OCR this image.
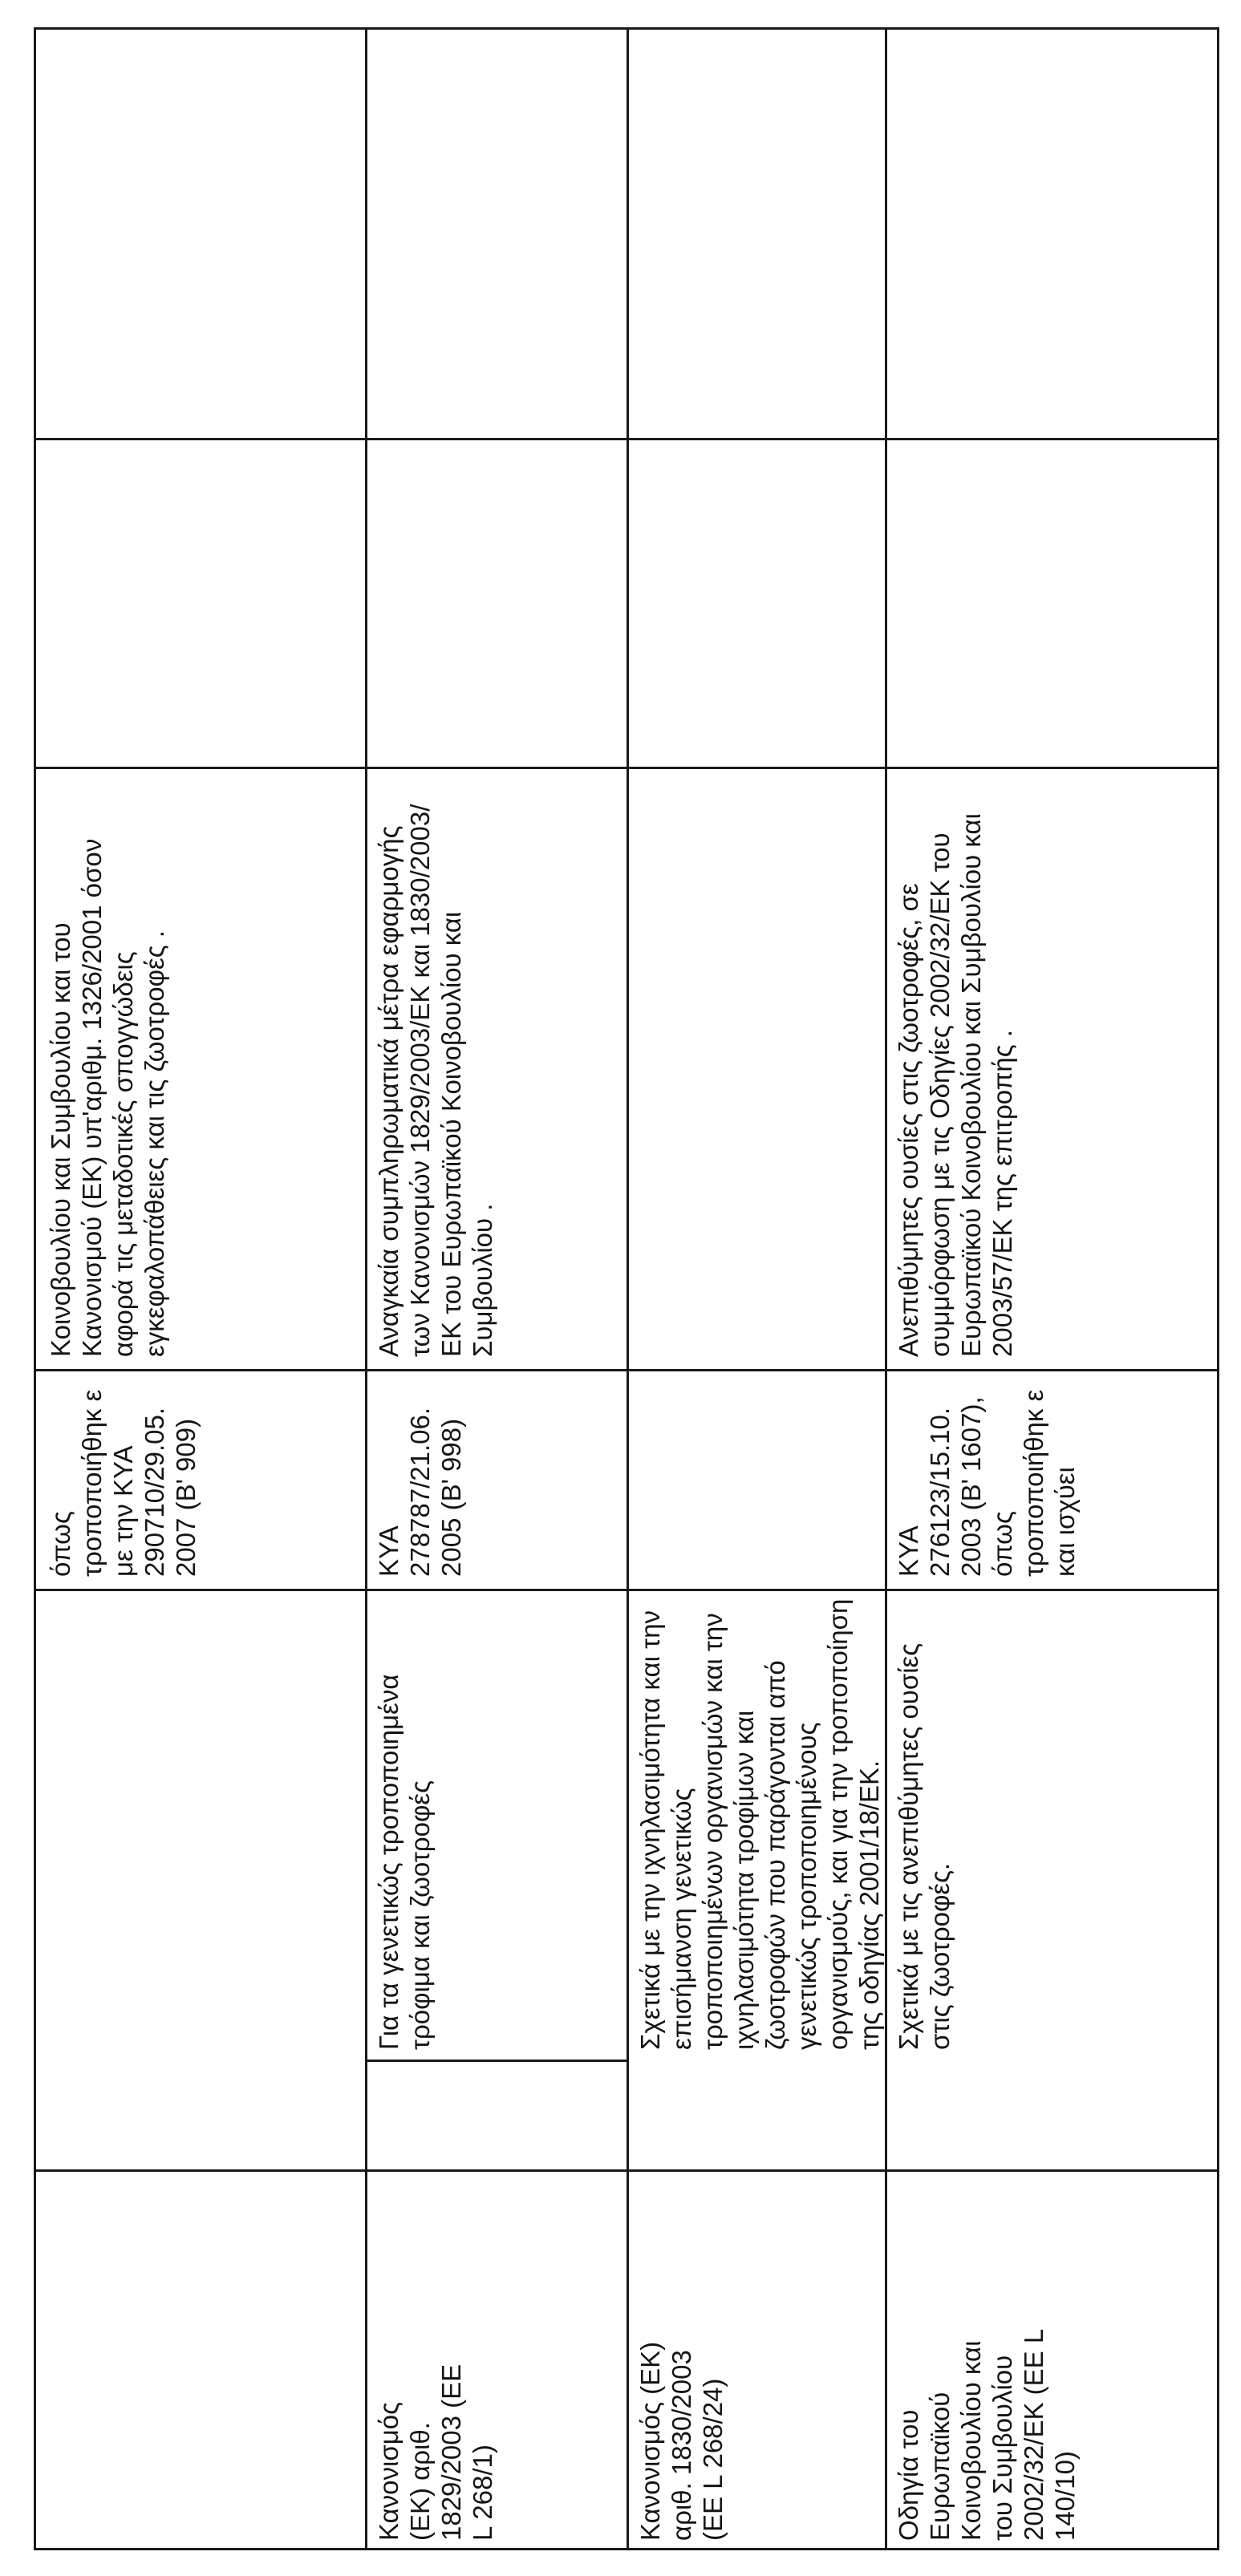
όπως τροποποιήθηκ ε με την ΚΥΑ 290710/29.05. 2007 (Β' 909)

Κοινοβουλίου και Συμβουλίου και του Κανονισμού (ΕΚ) υπ'αριθμ. 1326/2001 όσον αφορά τις μεταδοτικές σπογγώδεις εγκεφαλοπάθειες και τις ζωοτροφές .

Κανονισμός (ΕΚ) αριθ. 1829/2003 (ΕΕ L 268/1)

Για τα γενετικώς τροποποιημένα τρόφιμα και ζωοτροφές

ΚΥΑ 278787/21.06. 2005 (Β' 998)

Αναγκαία συμπληρωματικά μέτρα εφαρμογής των Κανονισμών 1829/2003/ΕΚ και 1830/2003/ΕΚ του Ευρωπαϊκού Κοινοβουλίου και Συμβουλίου .

Κανονισμός (ΕΚ) αριθ. 1830/2003 (ΕΕ L 268/24)

Σχετικά με την ιχνηλασιμότητα και την επισήμανση γενετικώς τροποποιημένων οργανισμών και την ιχνηλασιμότητα τροφίμων και ζωοτροφών που παράγονται από γενετικώς τροποποιημένους οργανισμούς, και για την τροποποίηση της οδηγίας 2001/18/ΕΚ.

Οδηγία του Ευρωπαϊκού Κοινοβουλίου και του Συμβουλίου 2002/32/ΕΚ (ΕΕ L 140/10)

Σχετικά με τις ανεπιθύμητες ουσίες στις ζωοτροφές.

ΚΥΑ 276123/15.10. 2003 (Β' 1607), όπως τροποποιήθηκ ε και ισχύει

Ανεπιθύμητες ουσίες στις ζωοτροφές, σε συμμόρφωση με τις Οδηγίες 2002/32/ΕΚ του Ευρωπαϊκού Κοινοβουλίου και Συμβουλίου και 2003/57/ΕΚ της επιτροπής .
